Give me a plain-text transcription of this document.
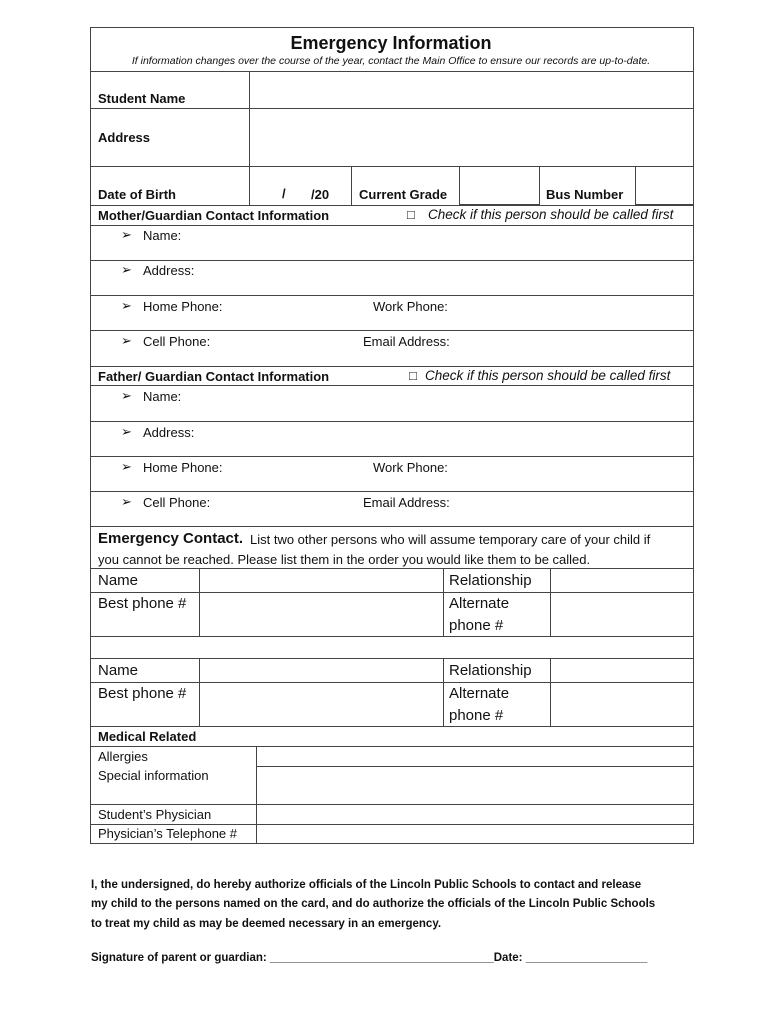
Emergency Information
If information changes over the course of the year, contact the Main Office to ensure our records are up-to-date.
Student Name
Address
Date of Birth	/ /20 Current Grade	Bus Number
Mother/Guardian Contact Information	□ Check if this person should be called first
➢ Name:
➢ Address:
➢ Home Phone:	Work Phone:
➢ Cell Phone:	Email Address:
Father/ Guardian Contact Information	□ Check if this person should be called first
➢ Name:
➢ Address:
➢ Home Phone:	Work Phone:
➢ Cell Phone:	Email Address:
Emergency Contact. List two other persons who will assume temporary care of your child if
you cannot be reached. Please list them in the order you would like them to be called.
Name	Relationship
Best phone #	Alternate
phone #
Name	Relationship
Best phone #	Alternate
phone #
Medical Related
Allergies
Special information
Student’s Physician
Physician’s Telephone #
I, the undersigned, do hereby authorize officials of the Lincoln Public Schools to contact and release
my child to the persons named on the card, and do authorize the officials of the Lincoln Public Schools
to treat my child as may be deemed necessary in an emergency.
Signature of parent or guardian: ___________________________________Date: ___________________
